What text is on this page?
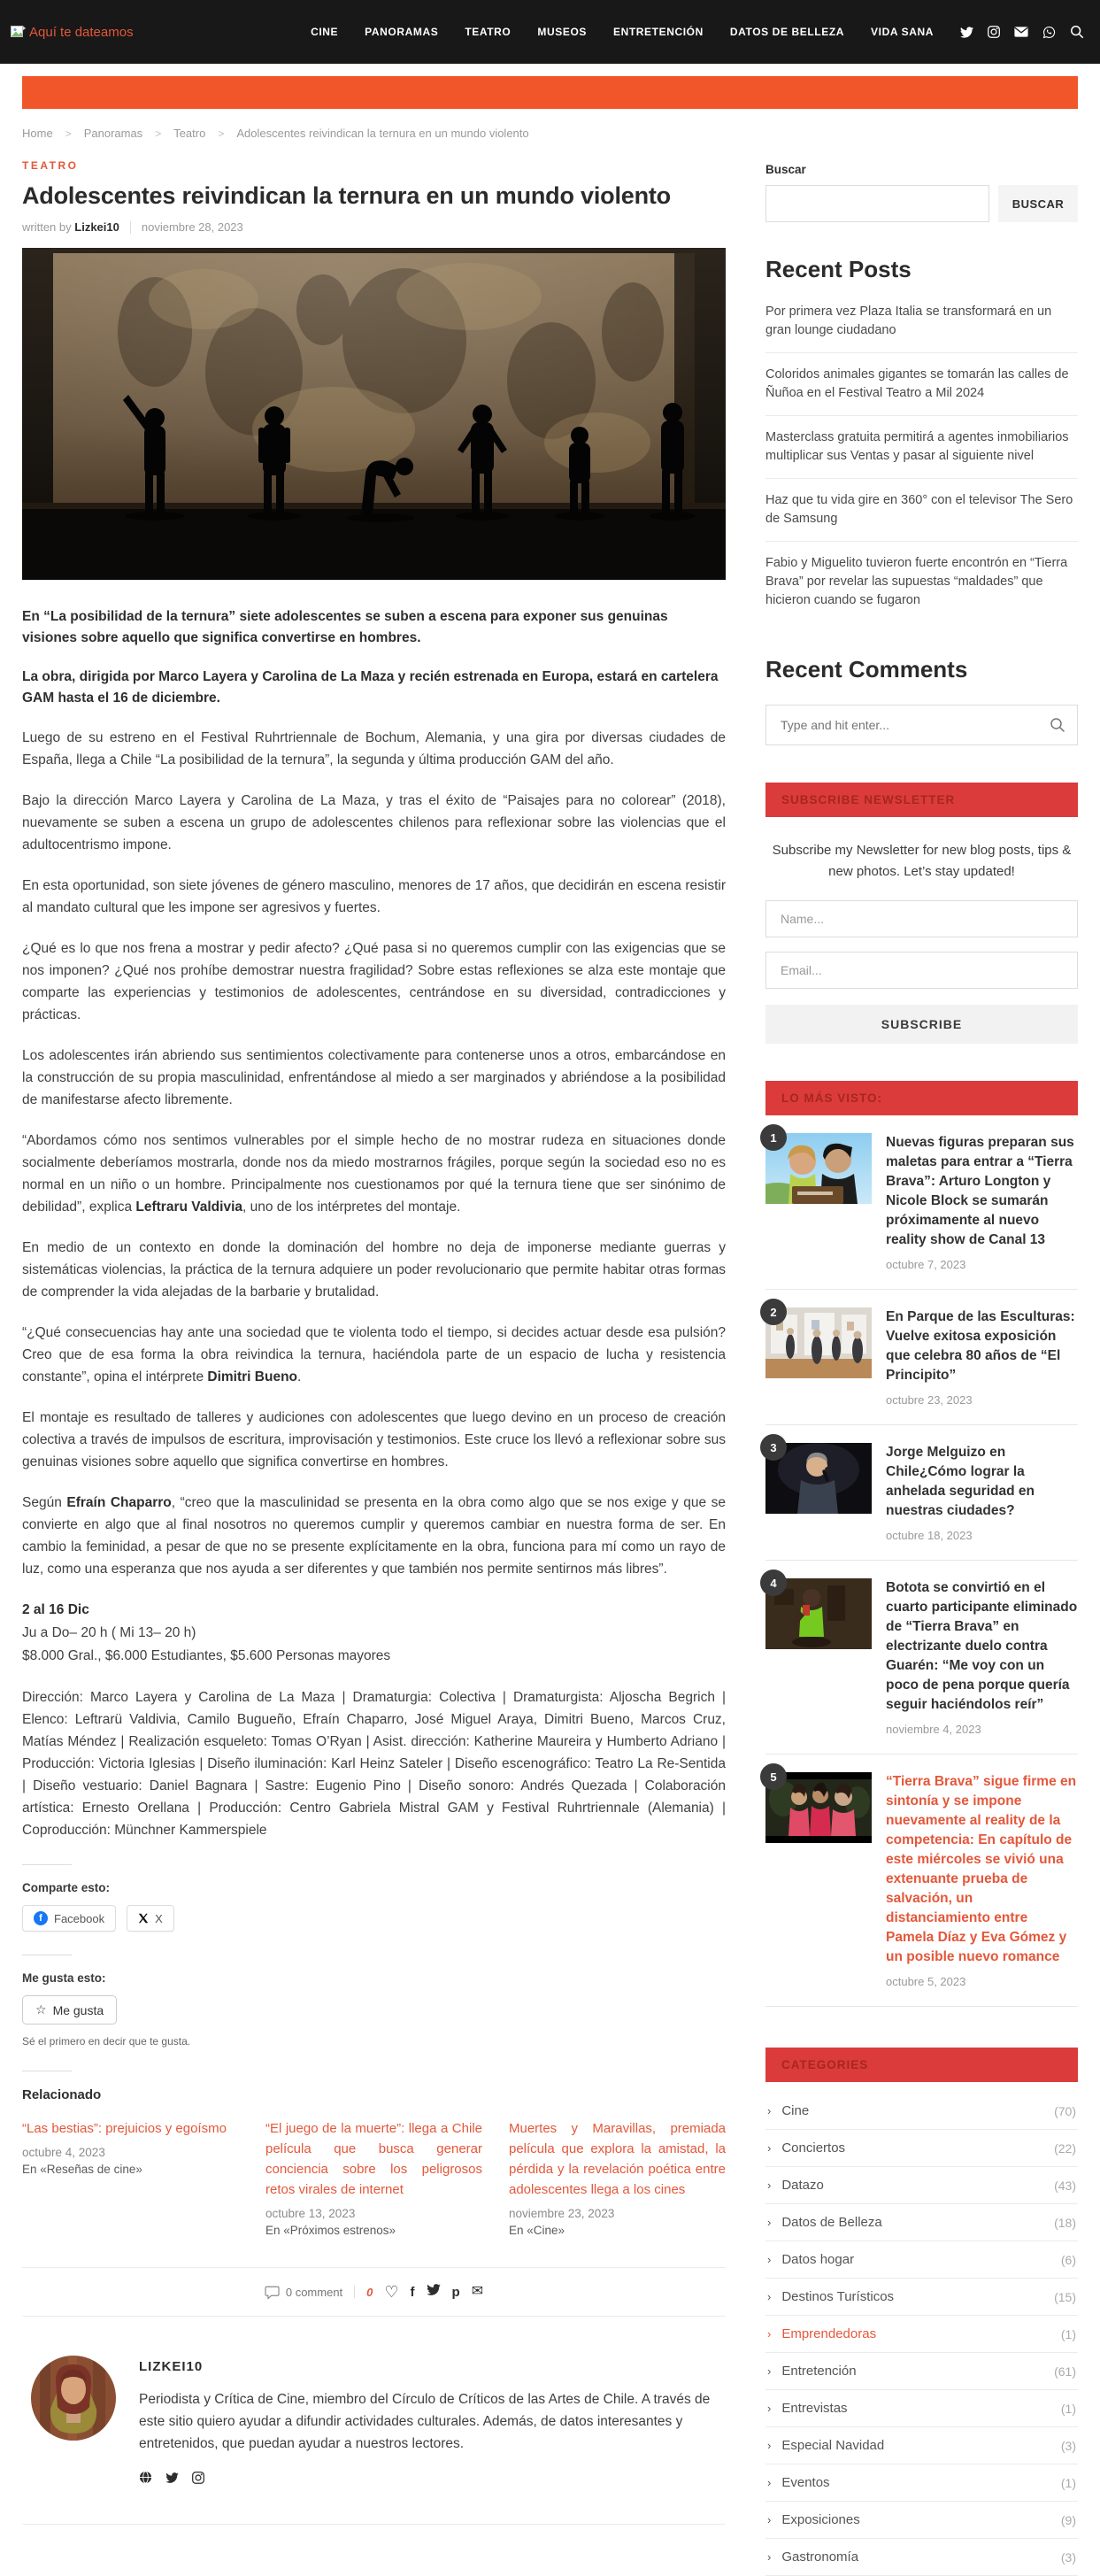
Aquí te dateamos	CINE	PANORAMAS	TEATRO	MUSEOS	ENTRETENCIÓN	DATOS DE BELLEZA	VIDA SANA
Home > Panoramas > Teatro > Adolescentes reivindican la ternura en un mundo violento
TEATRO
Adolescentes reivindican la ternura en un mundo violento
written by Lizkei10 noviembre 28, 2023

En “La posibilidad de la ternura” siete adolescentes se suben a escena para exponer sus genuinas visiones sobre aquello que significa convertirse en hombres.

La obra, dirigida por Marco Layera y Carolina de La Maza y recién estrenada en Europa, estará en cartelera GAM hasta el 16 de diciembre.

Luego de su estreno en el Festival Ruhrtriennale de Bochum, Alemania, y una gira por diversas ciudades de España, llega a Chile “La posibilidad de la ternura”, la segunda y última producción GAM del año.

Bajo la dirección Marco Layera y Carolina de La Maza, y tras el éxito de “Paisajes para no colorear” (2018), nuevamente se suben a escena un grupo de adolescentes chilenos para reflexionar sobre las violencias que el adultocentrismo impone.

En esta oportunidad, son siete jóvenes de género masculino, menores de 17 años, que decidirán en escena resistir al mandato cultural que les impone ser agresivos y fuertes.

¿Qué es lo que nos frena a mostrar y pedir afecto? ¿Qué pasa si no queremos cumplir con las exigencias que se nos imponen? ¿Qué nos prohíbe demostrar nuestra fragilidad? Sobre estas reflexiones se alza este montaje que comparte las experiencias y testimonios de adolescentes, centrándose en su diversidad, contradicciones y prácticas.

Los adolescentes irán abriendo sus sentimientos colectivamente para contenerse unos a otros, embarcándose en la construcción de su propia masculinidad, enfrentándose al miedo a ser marginados y abriéndose a la posibilidad de manifestarse afecto libremente.

“Abordamos cómo nos sentimos vulnerables por el simple hecho de no mostrar rudeza en situaciones donde socialmente deberíamos mostrarla, donde nos da miedo mostrarnos frágiles, porque según la sociedad eso no es normal en un niño o un hombre. Principalmente nos cuestionamos por qué la ternura tiene que ser sinónimo de debilidad”, explica Leftraru Valdivia, uno de los intérpretes del montaje.

En medio de un contexto en donde la dominación del hombre no deja de imponerse mediante guerras y sistemáticas violencias, la práctica de la ternura adquiere un poder revolucionario que permite habitar otras formas de comprender la vida alejadas de la barbarie y brutalidad.

“¿Qué consecuencias hay ante una sociedad que te violenta todo el tiempo, si decides actuar desde esa pulsión? Creo que de esa forma la obra reivindica la ternura, haciéndola parte de un espacio de lucha y resistencia constante”, opina el intérprete Dimitri Bueno.

El montaje es resultado de talleres y audiciones con adolescentes que luego devino en un proceso de creación colectiva a través de impulsos de escritura, improvisación y testimonios. Este cruce los llevó a reflexionar sobre sus genuinas visiones sobre aquello que significa convertirse en hombres.

Según Efraín Chaparro, “creo que la masculinidad se presenta en la obra como algo que se nos exige y que se convierte en algo que al final nosotros no queremos cumplir y queremos cambiar en nuestra forma de ser. En cambio la feminidad, a pesar de que no se presente explícitamente en la obra, funciona para mí como un rayo de luz, como una esperanza que nos ayuda a ser diferentes y que también nos permite sentirnos más libres”.

2 al 16 Dic
Ju a Do– 20 h ( Mi 13– 20 h)
$8.000 Gral., $6.000 Estudiantes, $5.600 Personas mayores

Dirección: Marco Layera y Carolina de La Maza | Dramaturgia: Colectiva | Dramaturgista: Aljoscha Begrich | Elenco: Leftrarü Valdivia, Camilo Bugueño, Efraín Chaparro, José Miguel Araya, Dimitri Bueno, Marcos Cruz, Matías Méndez | Realización esqueleto: Tomas O’Ryan | Asist. dirección: Katherine Maureira y Humberto Adriano | Producción: Victoria Iglesias | Diseño iluminación: Karl Heinz Sateler | Diseño escenográfico: Teatro La Re-Sentida | Diseño vestuario: Daniel Bagnara | Sastre: Eugenio Pino | Diseño sonoro: Andrés Quezada | Colaboración artística: Ernesto Orellana | Producción: Centro Gabriela Mistral GAM y Festival Ruhrtriennale (Alemania) | Coproducción: Münchner Kammerspiele

Comparte esto:
f	Facebook	X
Me gusta esto:
☆ Me gusta
Sé el primero en decir que te gusta.
Relacionado
“Las bestias”: prejuicios y egoísmo
octubre 4, 2023
En «Reseñas de cine»
“El juego de la muerte”: llega a Chile película que busca generar conciencia sobre los peligrosos retos virales de internet
octubre 13, 2023
En «Próximos estrenos»
Muertes y Maravillas, premiada película que explora la amistad, la pérdida y la revelación poética entre adolescentes llega a los cines
noviembre 23, 2023
En «Cine»
0 comment 0 ♡ f	p ✉
LIZKEI10

Periodista y Crítica de Cine, miembro del Círculo de Críticos de las Artes de Chile. A través de este sitio quiero ayudar a difundir actividades culturales. Además, de datos interesantes y entretenidos, que puedan ayudar a nuestros lectores.

Buscar
BUSCAR
Recent Posts
Por primera vez Plaza Italia se transformará en un gran lounge ciudadano
Coloridos animales gigantes se tomarán las calles de Ñuñoa en el Festival Teatro a Mil 2024
Masterclass gratuita permitirá a agentes inmobiliarios multiplicar sus Ventas y pasar al siguiente nivel
Haz que tu vida gire en 360° con el televisor The Sero de Samsung
Fabio y Miguelito tuvieron fuerte encontrón en “Tierra Brava” por revelar las supuestas “maldades” que hicieron cuando se fugaron
Recent Comments
Type and hit enter...
SUBSCRIBE NEWSLETTER

Subscribe my Newsletter for new blog posts, tips & new photos. Let’s stay updated!

Name... Email... SUBSCRIBE
LO MÁS VISTO:
1	Nuevas figuras preparan sus maletas para entrar a “Tierra Brava”: Arturo Longton y Nicole Block se sumarán próximamente al nuevo reality show de Canal 13
octubre 7, 2023
2	En Parque de las Esculturas: Vuelve exitosa exposición que celebra 80 años de “El Principito”
octubre 23, 2023
3	Jorge Melguizo en Chile¿Cómo lograr la anhelada seguridad en nuestras ciudades?
octubre 18, 2023
4	Botota se convirtió en el cuarto participante eliminado de “Tierra Brava” en electrizante duelo contra Guarén: “Me voy con un poco de pena porque quería seguir haciéndolos reír”
noviembre 4, 2023
5	“Tierra Brava” sigue firme en sintonía y se impone nuevamente al reality de la competencia: En capítulo de este miércoles se vivió una extenuante prueba de salvación, un distanciamiento entre Pamela Díaz y Eva Gómez y un posible nuevo romance
octubre 5, 2023
CATEGORIES
› Cine	(70)
› Conciertos	(22)
› Datazo	(43)
› Datos de Belleza	(18)
› Datos hogar	(6)
› Destinos Turísticos	(15)
› Emprendedoras	(1)
› Entretención	(61)
› Entrevistas	(1)
› Especial Navidad	(3)
› Eventos	(1)
› Exposiciones	(9)
› Gastronomía	(3)
